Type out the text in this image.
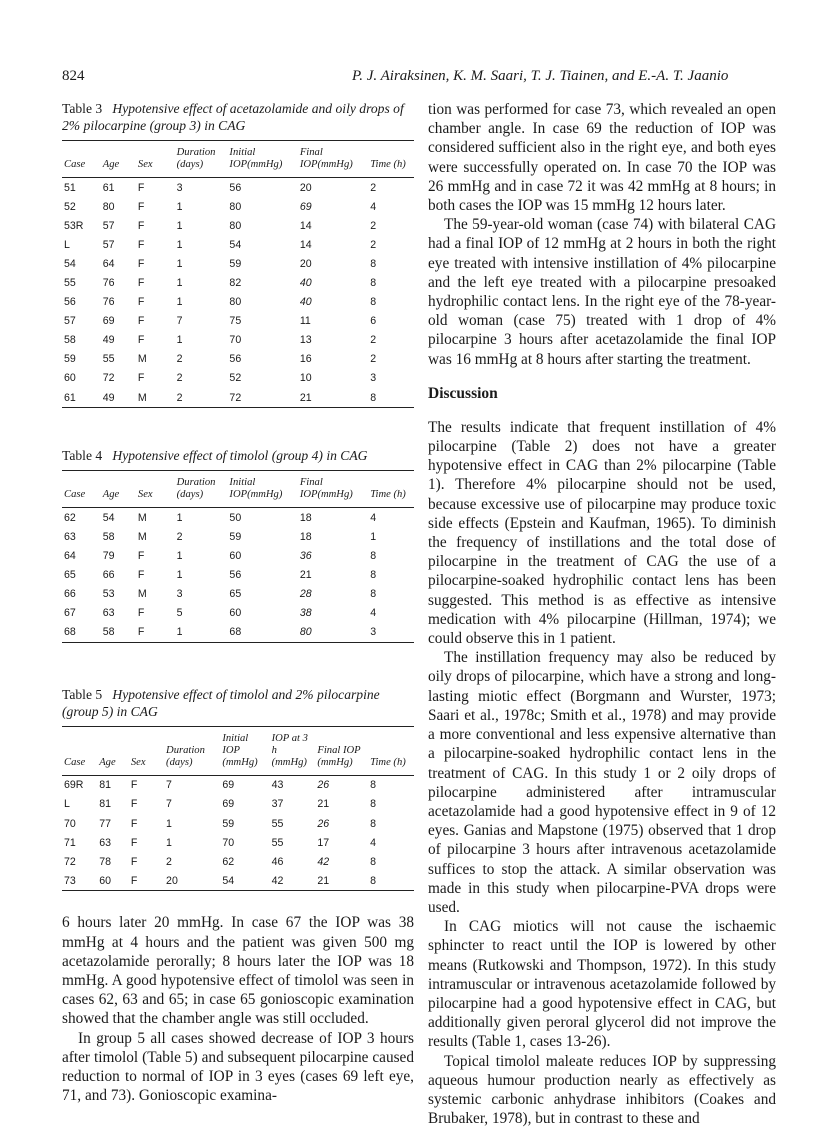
824	P. J. Airaksinen, K. M. Saari, T. J. Tiainen, and E.-A. T. Jaanio

Table 3 Hypotensive effect of acetazolamide and oily drops of 2% pilocarpine (group 3) in CAG

Case	Age	Sex	Duration (days)	Initial IOP(mmHg)	Final IOP(mmHg)	Time (h)
51	61	F	3	56	20	2
52	80	F	1	80	69	4
53R	57	F	1	80	14	2
L	57	F	1	54	14	2
54	64	F	1	59	20	8
55	76	F	1	82	40	8
56	76	F	1	80	40	8
57	69	F	7	75	11	6
58	49	F	1	70	13	2
59	55	M	2	56	16	2
60	72	F	2	52	10	3
61	49	M	2	72	21	8

Table 4 Hypotensive effect of timolol (group 4) in CAG

Case	Age	Sex	Duration (days)	Initial IOP(mmHg)	Final IOP(mmHg)	Time (h)
62	54	M	1	50	18	4
63	58	M	2	59	18	1
64	79	F	1	60	36	8
65	66	F	1	56	21	8
66	53	M	3	65	28	8
67	63	F	5	60	38	4
68	58	F	1	68	80	3

Table 5 Hypotensive effect of timolol and 2% pilocarpine (group 5) in CAG

Case	Age	Sex	Duration (days)	Initial IOP (mmHg)	IOP at 3 h (mmHg)	Final IOP (mmHg)	Time (h)
69R	81	F	7	69	43	26	8
L	81	F	7	69	37	21	8
70	77	F	1	59	55	26	8
71	63	F	1	70	55	17	4
72	78	F	2	62	46	42	8
73	60	F	20	54	42	21	8

6 hours later 20 mmHg. In case 67 the IOP was 38 mmHg at 4 hours and the patient was given 500 mg acetazolamide perorally; 8 hours later the IOP was 18 mmHg. A good hypotensive effect of timolol was seen in cases 62, 63 and 65; in case 65 gonioscopic examination showed that the chamber angle was still occluded.

In group 5 all cases showed decrease of IOP 3 hours after timolol (Table 5) and subsequent pilocarpine caused reduction to normal of IOP in 3 eyes (cases 69 left eye, 71, and 73). Gonioscopic examina-

tion was performed for case 73, which revealed an open chamber angle. In case 69 the reduction of IOP was considered sufficient also in the right eye, and both eyes were successfully operated on. In case 70 the IOP was 26 mmHg and in case 72 it was 42 mmHg at 8 hours; in both cases the IOP was 15 mmHg 12 hours later.

The 59-year-old woman (case 74) with bilateral CAG had a final IOP of 12 mmHg at 2 hours in both the right eye treated with intensive instillation of 4% pilocarpine and the left eye treated with a pilocarpine presoaked hydrophilic contact lens. In the right eye of the 78-year-old woman (case 75) treated with 1 drop of 4% pilocarpine 3 hours after acetazolamide the final IOP was 16 mmHg at 8 hours after starting the treatment.

Discussion

The results indicate that frequent instillation of 4% pilocarpine (Table 2) does not have a greater hypotensive effect in CAG than 2% pilocarpine (Table 1). Therefore 4% pilocarpine should not be used, because excessive use of pilocarpine may produce toxic side effects (Epstein and Kaufman, 1965). To diminish the frequency of instillations and the total dose of pilocarpine in the treatment of CAG the use of a pilocarpine-soaked hydrophilic contact lens has been suggested. This method is as effective as intensive medication with 4% pilocarpine (Hillman, 1974); we could observe this in 1 patient.

The instillation frequency may also be reduced by oily drops of pilocarpine, which have a strong and long-lasting miotic effect (Borgmann and Wurster, 1973; Saari et al., 1978c; Smith et al., 1978) and may provide a more conventional and less expensive alternative than a pilocarpine-soaked hydrophilic contact lens in the treatment of CAG. In this study 1 or 2 oily drops of pilocarpine administered after intramuscular acetazolamide had a good hypotensive effect in 9 of 12 eyes. Ganias and Mapstone (1975) observed that 1 drop of pilocarpine 3 hours after intravenous acetazolamide suffices to stop the attack. A similar observation was made in this study when pilocarpine-PVA drops were used.

In CAG miotics will not cause the ischaemic sphincter to react until the IOP is lowered by other means (Rutkowski and Thompson, 1972). In this study intramuscular or intravenous acetazolamide followed by pilocarpine had a good hypotensive effect in CAG, but additionally given peroral glycerol did not improve the results (Table 1, cases 13-26).

Topical timolol maleate reduces IOP by suppressing aqueous humour production nearly as effectively as systemic carbonic anhydrase inhibitors (Coakes and Brubaker, 1978), but in contrast to these and
